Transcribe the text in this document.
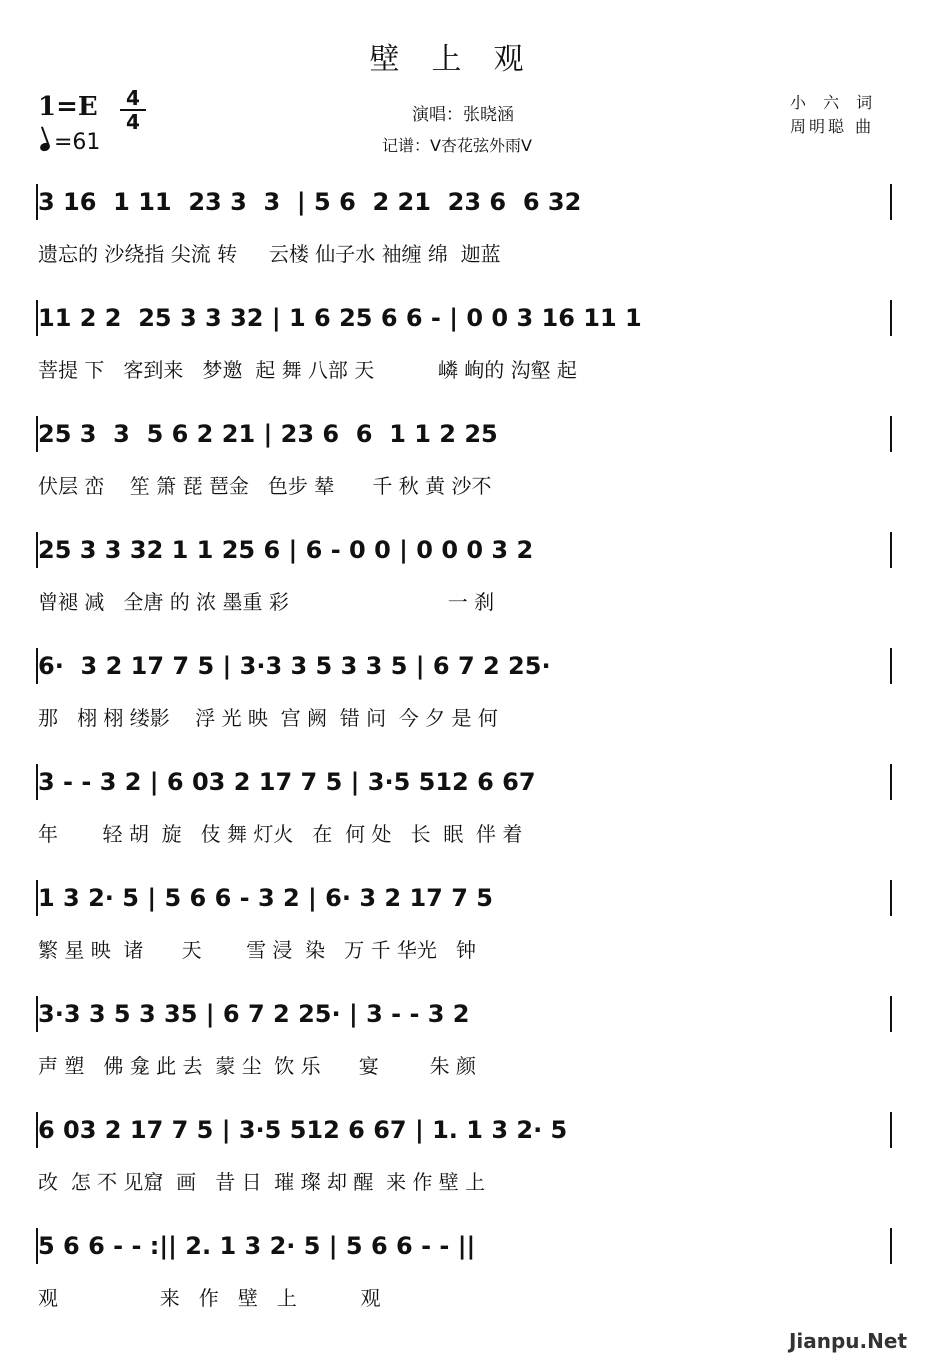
壁上观
1=E	4
4
=61
演唱：张晓涵
记谱：V杏花弦外雨V
小 六 词
周明聪 曲
3 16  1 11  23 3  3  | 5 6  2 21  23 6  6 32
遗忘的 沙绕指 尖流 转     云楼 仙子水 袖缠 绵  迦蓝
11 2 2  25 3 3 32 | 1 6 25 6 6 - | 0 0 3 16 11 1
菩提 下   客到来   梦邀  起 舞 八部 天          嶙 峋的 沟壑 起
25 3  3  5 6 2 21 | 23 6  6  1 1 2 25
伏层 峦    笙 箫 琵 琶金   色步 辇      千 秋 黄 沙不
25 3 3 32 1 1 25 6 | 6 - 0 0 | 0 0 0 3 2
曾褪 减   全唐 的 浓 墨重 彩                         一 刹
6·  3 2 17 7 5 | 3·3 3 5 3 3 5 | 6 7 2 25·
那   栩 栩 缕影    浮 光 映  宫 阙  错 问  今 夕 是 何
3 - - 3 2 | 6 03 2 17 7 5 | 3·5 512 6 67
年       轻 胡  旋   伎 舞 灯火   在  何 处   长  眠  伴 着
1 3 2· 5 | 5 6 6 - 3 2 | 6· 3 2 17 7 5
繁 星 映  诸      天       雪 浸  染   万 千 华光   钟
3·3 3 5 3 35 | 6 7 2 25· | 3 - - 3 2
声 塑   佛 龛 此 去  蒙 尘  饮 乐      宴        朱 颜
6 03 2 17 7 5 | 3·5 512 6 67 | 1. 1 3 2· 5
改  怎 不 见窟  画   昔 日  璀 璨 却 醒  来 作 壁 上
5 6 6 - - :|| 2. 1 3 2· 5 | 5 6 6 - - ||
观                来   作   壁   上          观
Jianpu.Net
